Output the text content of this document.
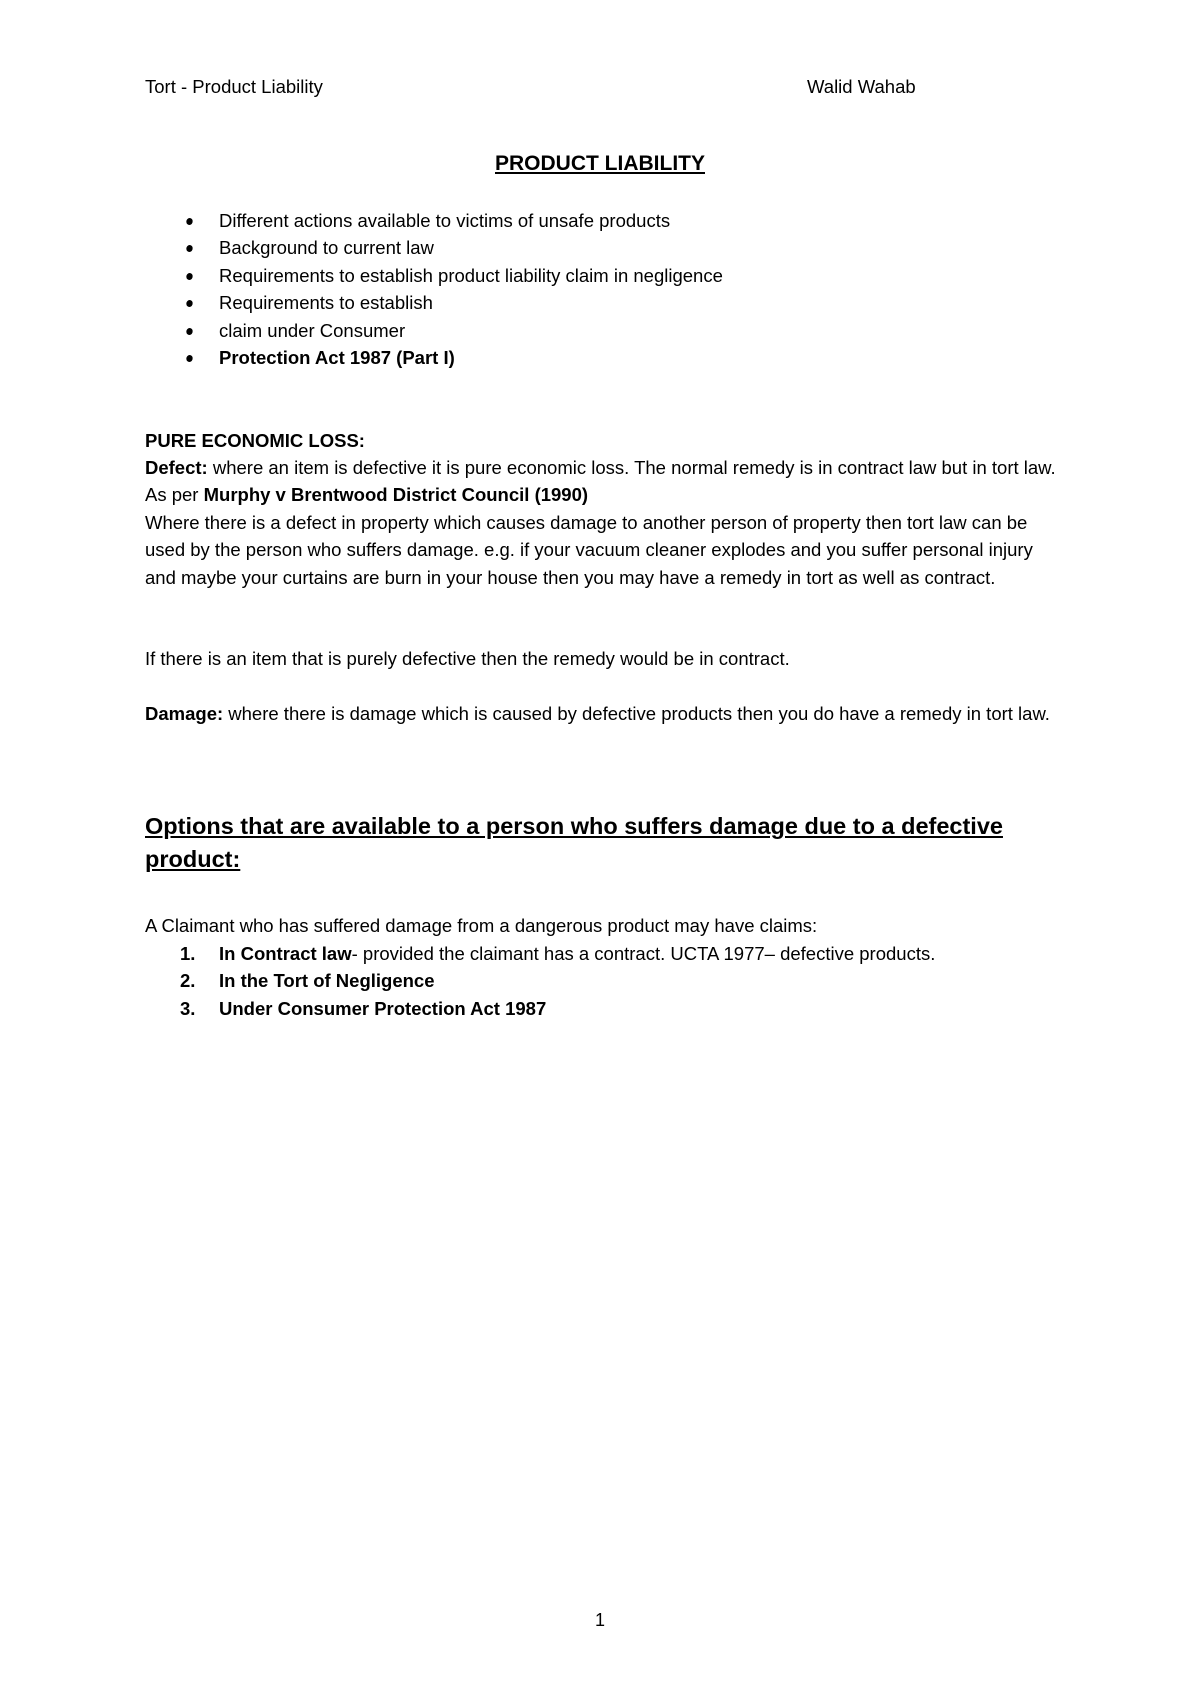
Tort - Product Liability	Walid Wahab
PRODUCT LIABILITY
Different actions available to victims of unsafe products
Background to current law
Requirements to establish product liability claim in negligence
Requirements to establish
claim under Consumer
Protection Act 1987 (Part I)
PURE ECONOMIC LOSS:
Defect: where an item is defective it is pure economic loss. The normal remedy is in contract law but in tort law. As per Murphy v Brentwood District Council (1990)
Where there is a defect in property which causes damage to another person of property then tort law can be used by the person who suffers damage. e.g. if your vacuum cleaner explodes and you suffer personal injury and maybe your curtains are burn in your house then you may have a remedy in tort as well as contract.
If there is an item that is purely defective then the remedy would be in contract.
Damage: where there is damage which is caused by defective products then you do have a remedy in tort law.
Options that are available to a person who suffers damage due to a defective product:
A Claimant who has suffered damage from a dangerous product may have claims:
1. In Contract law- provided the claimant has a contract. UCTA 1977– defective products.
2. In the Tort of Negligence
3. Under Consumer Protection Act 1987
1
